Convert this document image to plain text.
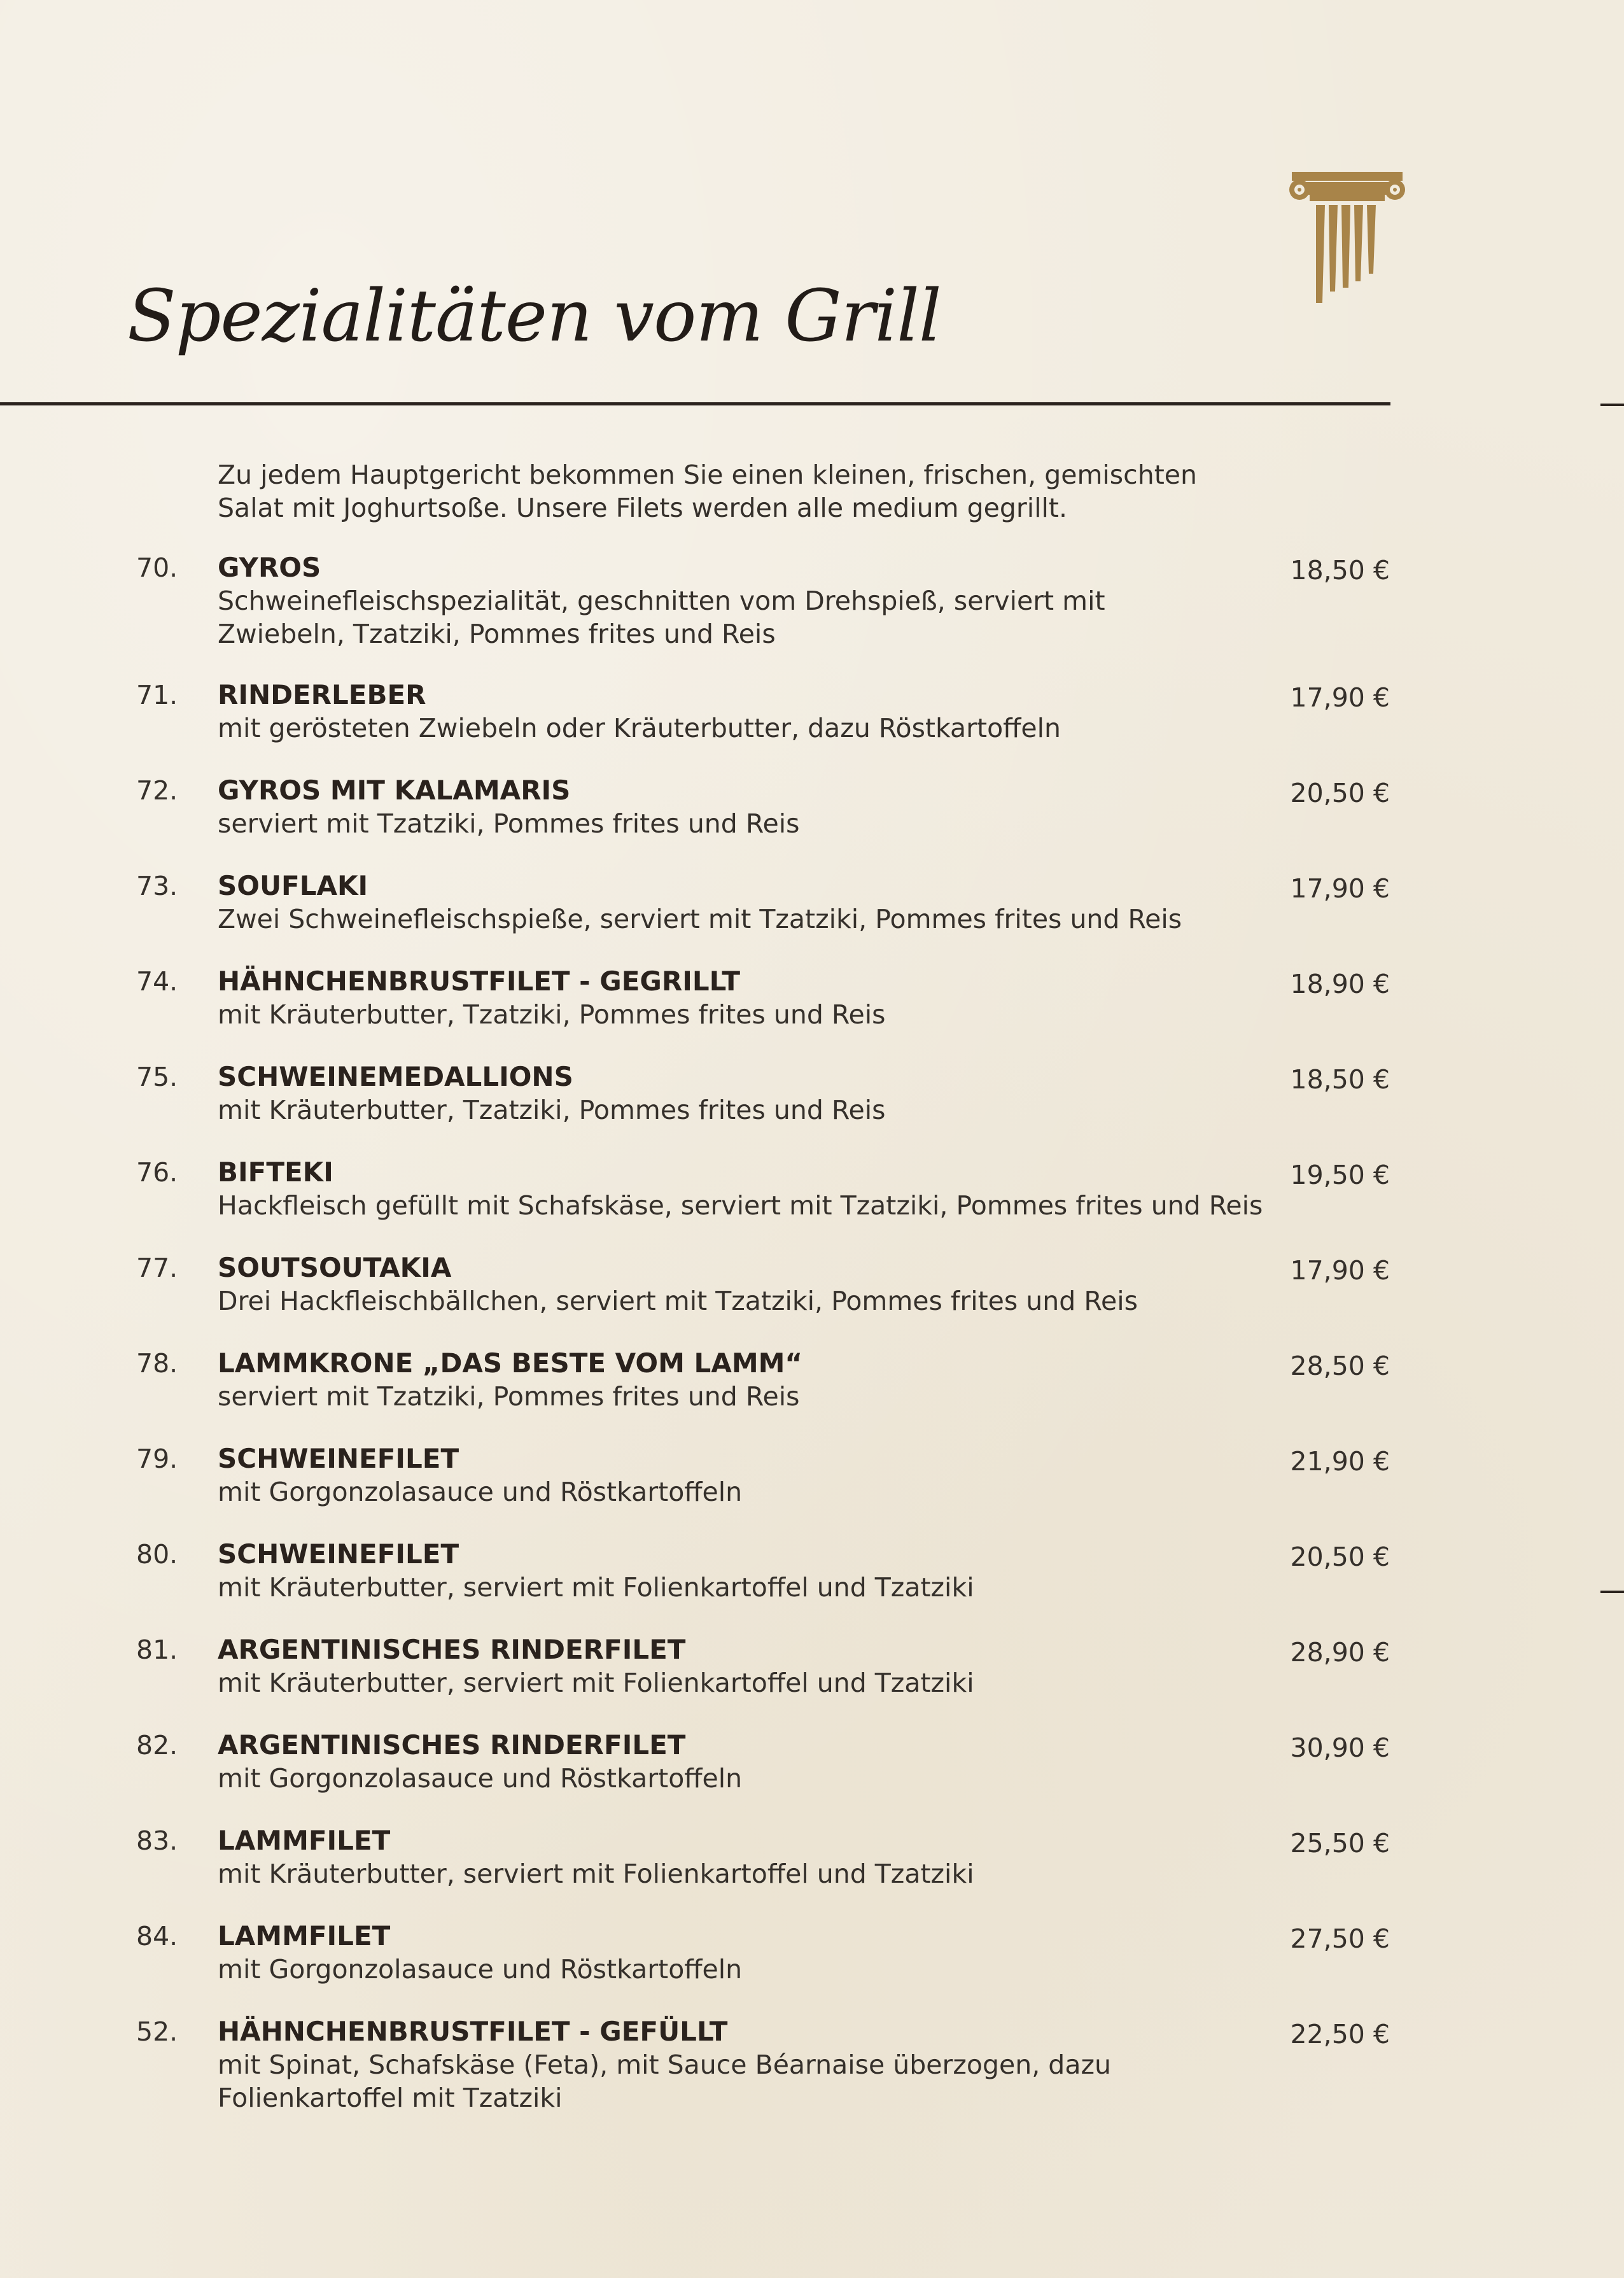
Spezialitäten vom Grill
Zu jedem Hauptgericht bekommen Sie einen kleinen, frischen, gemischten
Salat mit Joghurtsoße. Unsere Filets werden alle medium gegrillt.
70. GYROS	18,50 €
Schweinefleischspezialität, geschnitten vom Drehspieß, serviert mit
Zwiebeln, Tzatziki, Pommes frites und Reis
71. RINDERLEBER	17,90 €
mit gerösteten Zwiebeln oder Kräuterbutter, dazu Röstkartoffeln
72. GYROS MIT KALAMARIS	20,50 €
serviert mit Tzatziki, Pommes frites und Reis
73. SOUFLAKI	17,90 €
Zwei Schweinefleischspieße, serviert mit Tzatziki, Pommes frites und Reis
74. HÄHNCHENBRUSTFILET - GEGRILLT	18,90 €
mit Kräuterbutter, Tzatziki, Pommes frites und Reis
75. SCHWEINEMEDALLIONS	18,50 €
mit Kräuterbutter, Tzatziki, Pommes frites und Reis
76. BIFTEKI	19,50 €
Hackfleisch gefüllt mit Schafskäse, serviert mit Tzatziki, Pommes frites und Reis
77. SOUTSOUTAKIA	17,90 €
Drei Hackfleischbällchen, serviert mit Tzatziki, Pommes frites und Reis
78. LAMMKRONE „DAS BESTE VOM LAMM“	28,50 €
serviert mit Tzatziki, Pommes frites und Reis
79. SCHWEINEFILET	21,90 €
mit Gorgonzolasauce und Röstkartoffeln
80. SCHWEINEFILET	20,50 €
mit Kräuterbutter, serviert mit Folienkartoffel und Tzatziki
81. ARGENTINISCHES RINDERFILET	28,90 €
mit Kräuterbutter, serviert mit Folienkartoffel und Tzatziki
82. ARGENTINISCHES RINDERFILET	30,90 €
mit Gorgonzolasauce und Röstkartoffeln
83. LAMMFILET	25,50 €
mit Kräuterbutter, serviert mit Folienkartoffel und Tzatziki
84. LAMMFILET	27,50 €
mit Gorgonzolasauce und Röstkartoffeln
52. HÄHNCHENBRUSTFILET - GEFÜLLT	22,50 €
mit Spinat, Schafskäse (Feta), mit Sauce Béarnaise überzogen, dazu
Folienkartoffel mit Tzatziki
